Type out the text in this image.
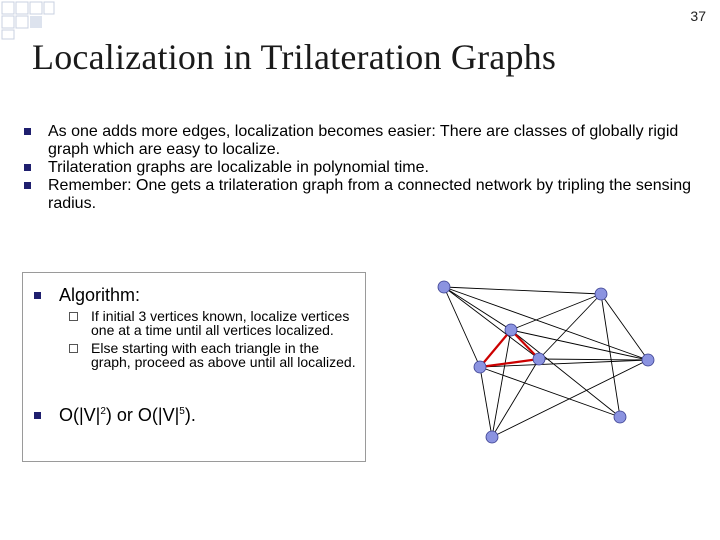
37
Localization in Trilateration Graphs
As one adds more edges, localization becomes easier: There are classes of globally rigid graph which are easy to localize.
Trilateration graphs are localizable in polynomial time.
Remember: One gets a trilateration graph from a connected network by tripling the sensing radius.
Algorithm:
If initial 3 vertices known, localize vertices one at a time until all vertices localized.
Else starting with each triangle in the graph, proceed as above until all localized.
$O(|V|^2)$ or $O(|V|^5)$.
